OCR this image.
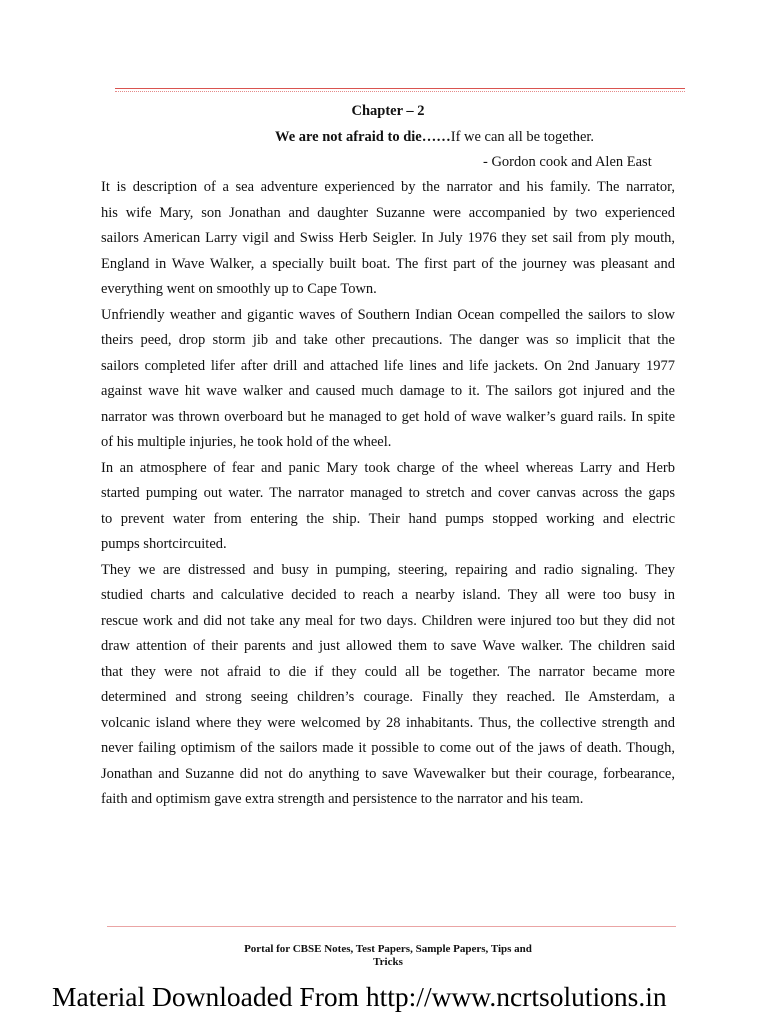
Chapter – 2
We are not afraid to die……If we can all be together.
- Gordon cook and Alen East
It is description of a sea adventure experienced by the narrator and his family. The narrator,
his wife Mary, son Jonathan and daughter Suzanne were accompanied by two experienced
sailors American Larry vigil and Swiss Herb Seigler. In July 1976 they set sail from ply mouth,
England in Wave Walker, a specially built boat. The first part of the journey was pleasant and
everything went on smoothly up to Cape Town.
Unfriendly weather and gigantic waves of Southern Indian Ocean compelled the sailors to slow
theirs peed, drop storm jib and take other precautions. The danger was so implicit that the
sailors completed lifer after drill and attached life lines and life jackets. On 2nd January 1977
against wave hit wave walker and caused much damage to it. The sailors got injured and the
narrator was thrown overboard but he managed to get hold of wave walker’s guard rails. In spite
of his multiple injuries, he took hold of the wheel.
In an atmosphere of fear and panic Mary took charge of the wheel whereas Larry and Herb
started pumping out water. The narrator managed to stretch and cover canvas across the gaps
to prevent water from entering the ship. Their hand pumps stopped working and electric
pumps shortcircuited.
They we are distressed and busy in pumping, steering, repairing and radio signaling. They
studied charts and calculative decided to reach a nearby island. They all were too busy in
rescue work and did not take any meal for two days. Children were injured too but they did not
draw attention of their parents and just allowed them to save Wave walker. The children said
that they were not afraid to die if they could all be together. The narrator became more
determined and strong seeing children’s courage. Finally they reached. Ile Amsterdam, a
volcanic island where they were welcomed by 28 inhabitants. Thus, the collective strength and
never failing optimism of the sailors made it possible to come out of the jaws of death. Though,
Jonathan and Suzanne did not do anything to save Wavewalker but their courage, forbearance,
faith and optimism gave extra strength and persistence to the narrator and his team.
Portal for CBSE Notes, Test Papers, Sample Papers, Tips and
Tricks
Material Downloaded From http://www.ncrtsolutions.in
